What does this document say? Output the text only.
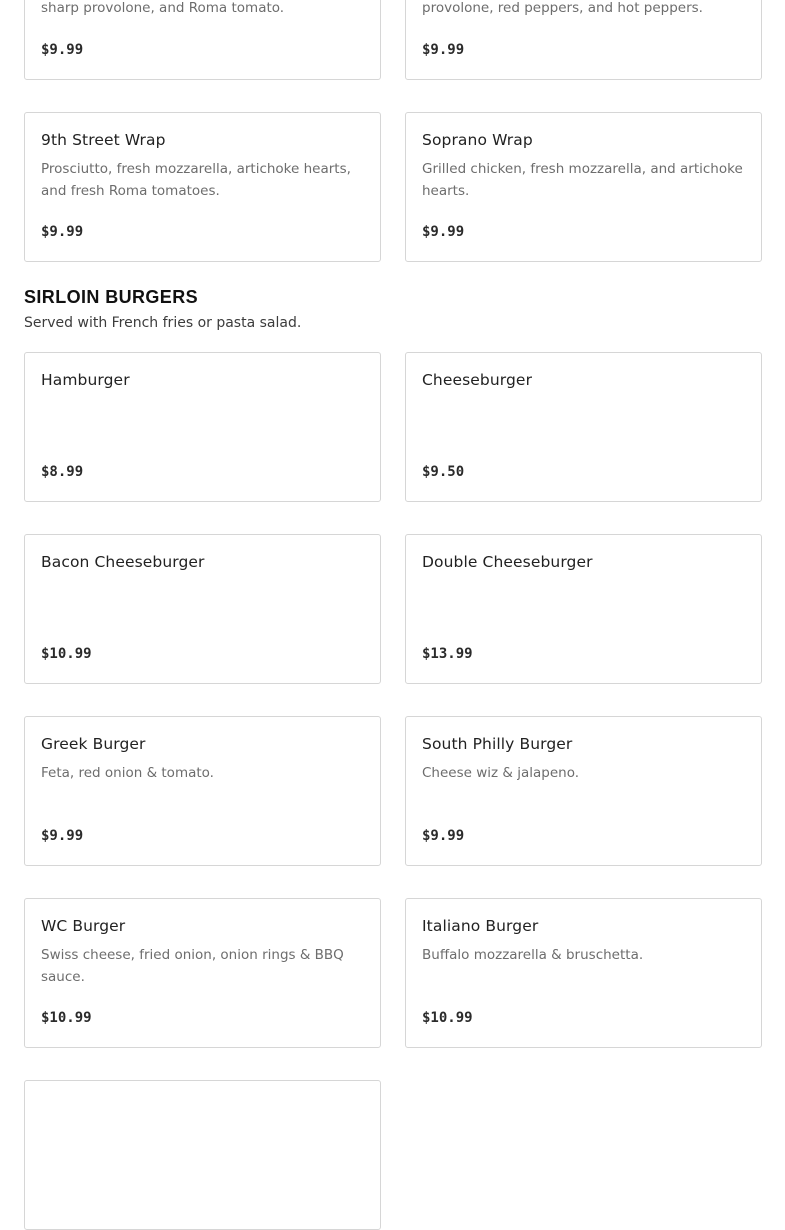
sharp provolone, and Roma tomato.
$9.99
provolone, red peppers, and hot peppers.
$9.99
9th Street Wrap
Prosciutto, fresh mozzarella, artichoke hearts, and fresh Roma tomatoes.
$9.99
Soprano Wrap
Grilled chicken, fresh mozzarella, and artichoke hearts.
$9.99
SIRLOIN BURGERS
Served with French fries or pasta salad.
Hamburger
$8.99
Cheeseburger
$9.50
Bacon Cheeseburger
$10.99
Double Cheeseburger
$13.99
Greek Burger
Feta, red onion & tomato.
$9.99
South Philly Burger
Cheese wiz & jalapeno.
$9.99
WC Burger
Swiss cheese, fried onion, onion rings & BBQ sauce.
$10.99
Italiano Burger
Buffalo mozzarella & bruschetta.
$10.99
